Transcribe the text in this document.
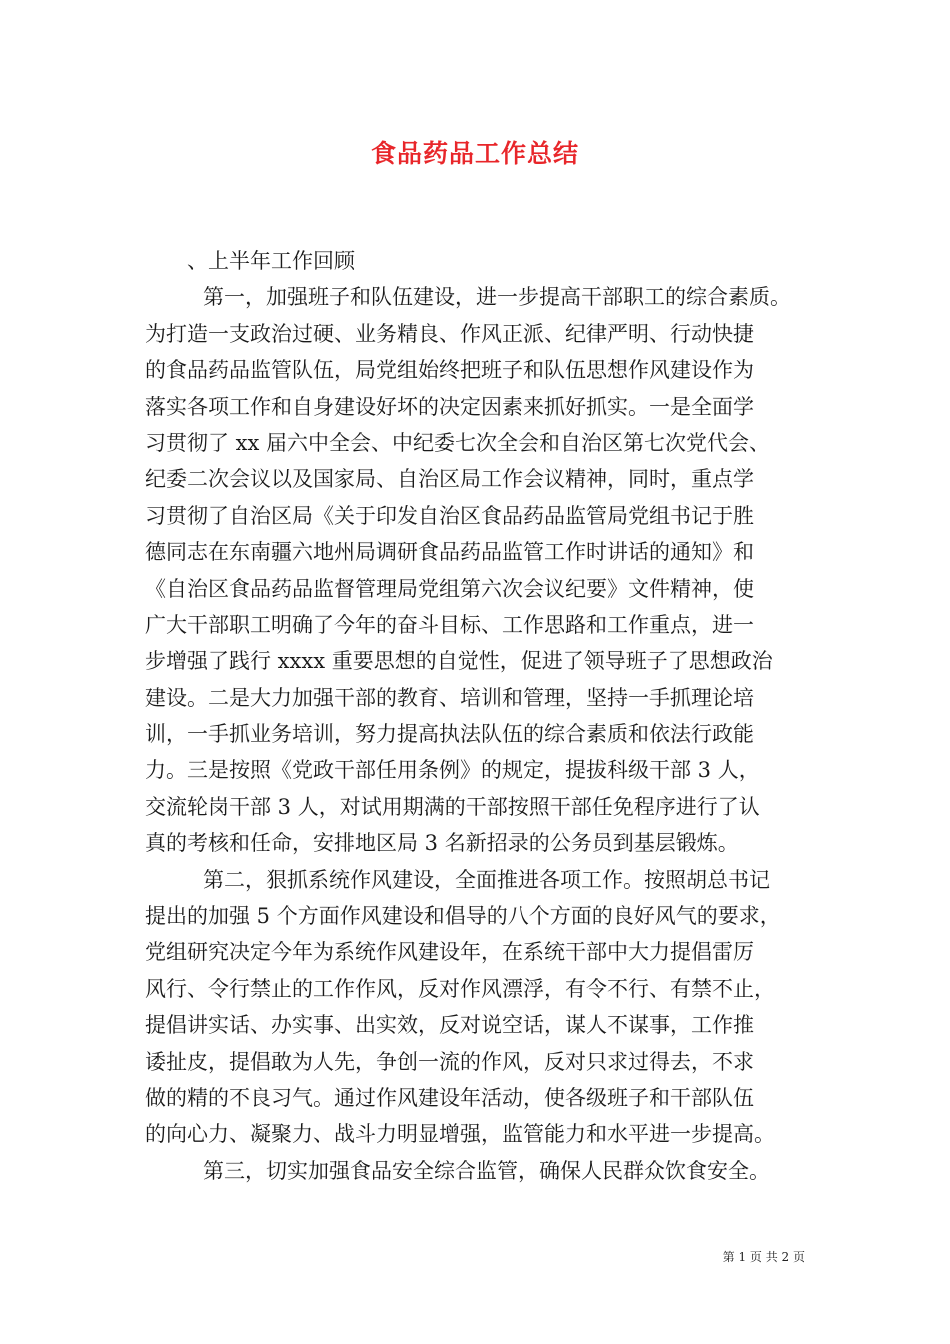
食品药品工作总结
、上半年工作回顾
第一，加强班子和队伍建设，进一步提高干部职工的综合素质。
为打造一支政治过硬、业务精良、作风正派、纪律严明、行动快捷
的食品药品监管队伍，局党组始终把班子和队伍思想作风建设作为
落实各项工作和自身建设好坏的决定因素来抓好抓实。一是全面学
习贯彻了 xx 届六中全会、中纪委七次全会和自治区第七次党代会、
纪委二次会议以及国家局、自治区局工作会议精神，同时，重点学
习贯彻了自治区局《关于印发自治区食品药品监管局党组书记于胜
德同志在东南疆六地州局调研食品药品监管工作时讲话的通知》和
《自治区食品药品监督管理局党组第六次会议纪要》文件精神，使
广大干部职工明确了今年的奋斗目标、工作思路和工作重点，进一
步增强了践行 xxxx 重要思想的自觉性，促进了领导班子了思想政治
建设。二是大力加强干部的教育、培训和管理，坚持一手抓理论培
训，一手抓业务培训，努力提高执法队伍的综合素质和依法行政能
力。三是按照《党政干部任用条例》的规定，提拔科级干部 3 人，
交流轮岗干部 3 人，对试用期满的干部按照干部任免程序进行了认
真的考核和任命，安排地区局 3 名新招录的公务员到基层锻炼。
第二，狠抓系统作风建设，全面推进各项工作。按照胡总书记
提出的加强 5 个方面作风建设和倡导的八个方面的良好风气的要求，
党组研究决定今年为系统作风建设年，在系统干部中大力提倡雷厉
风行、令行禁止的工作作风，反对作风漂浮，有令不行、有禁不止，
提倡讲实话、办实事、出实效，反对说空话，谋人不谋事，工作推
诿扯皮，提倡敢为人先，争创一流的作风，反对只求过得去，不求
做的精的不良习气。通过作风建设年活动，使各级班子和干部队伍
的向心力、凝聚力、战斗力明显增强，监管能力和水平进一步提高。
第三，切实加强食品安全综合监管，确保人民群众饮食安全。
第 1 页 共 2 页
